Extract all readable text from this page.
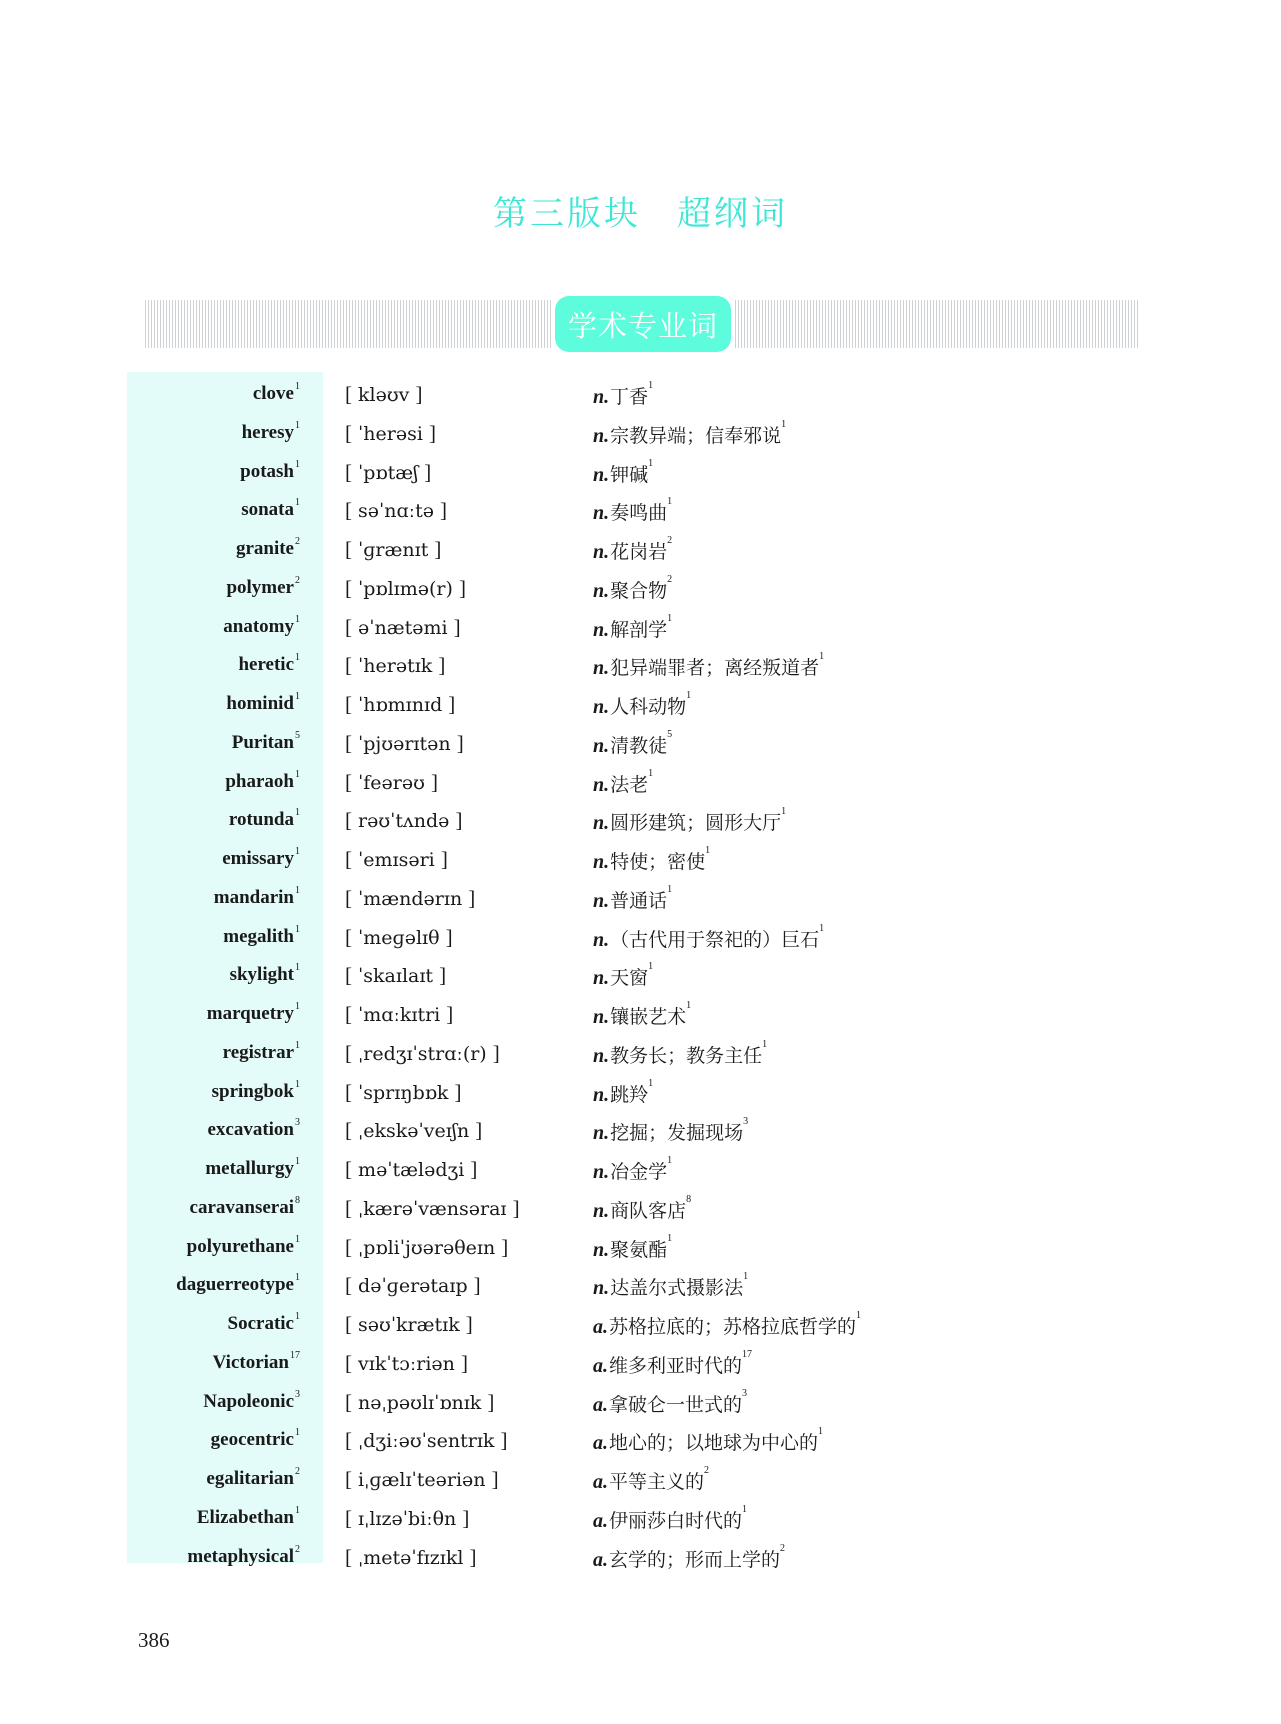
第三版块 超纲词
学术专业词
clove$^1$ [ klǝʊv ]	n.丁香$^1$
heresy$^1$ [ ˈherǝsi ]	n.宗教异端；信奉邪说$^1$
potash$^1$ [ ˈpɒtæʃ ]	n.钾碱$^1$
sonata$^1$ [ sǝˈnɑːtǝ ]	n.奏鸣曲$^1$
granite$^2$ [ ˈɡrænɪt ]	n.花岗岩$^2$
polymer$^2$ [ ˈpɒlɪmǝ(r) ]	n.聚合物$^2$
anatomy$^1$ [ ǝˈnætǝmi ]	n.解剖学$^1$
heretic$^1$ [ ˈherǝtɪk ]	n.犯异端罪者；离经叛道者$^1$
hominid$^1$ [ ˈhɒmɪnɪd ]	n.人科动物$^1$
Puritan$^5$ [ ˈpjʊǝrɪtǝn ]	n.清教徒$^5$
pharaoh$^1$ [ ˈfeǝrǝʊ ]	n.法老$^1$
rotunda$^1$ [ rǝʊˈtʌndǝ ]	n.圆形建筑；圆形大厅$^1$
emissary$^1$ [ ˈemɪsǝri ]	n.特使；密使$^1$
mandarin$^1$ [ ˈmændǝrɪn ]	n.普通话$^1$
megalith$^1$ [ ˈmeɡǝlɪθ ]	n.（古代用于祭祀的）巨石$^1$
skylight$^1$ [ ˈskaɪlaɪt ]	n.天窗$^1$
marquetry$^1$ [ ˈmɑːkɪtri ]	n.镶嵌艺术$^1$
registrar$^1$ [ ˌredʒɪˈstrɑː(r) ]	n.教务长；教务主任$^1$
springbok$^1$ [ ˈsprɪŋbɒk ]	n.跳羚$^1$
excavation$^3$ [ ˌekskǝˈveɪʃn ]	n.挖掘；发掘现场$^3$
metallurgy$^1$ [ mǝˈtælǝdʒi ]	n.冶金学$^1$
caravanserai$^8$ [ ˌkærǝˈvænsǝraɪ ]	n.商队客店$^8$
polyurethane$^1$ [ ˌpɒliˈjʊǝrǝθeɪn ]	n.聚氨酯$^1$
daguerreotype$^1$ [ dǝˈɡerǝtaɪp ]	n.达盖尔式摄影法$^1$
Socratic$^1$ [ sǝʊˈkrætɪk ]	a.苏格拉底的；苏格拉底哲学的$^1$
Victorian$^{17}$ [ vɪkˈtɔːriǝn ]	a.维多利亚时代的$^{17}$
Napoleonic$^3$ [ nǝˌpǝʊlɪˈɒnɪk ]	a.拿破仑一世式的$^3$
geocentric$^1$ [ ˌdʒiːǝʊˈsentrɪk ]	a.地心的；以地球为中心的$^1$
egalitarian$^2$ [ iˌɡælɪˈteǝriǝn ]	a.平等主义的$^2$
Elizabethan$^1$ [ ɪˌlɪzǝˈbiːθn ]	a.伊丽莎白时代的$^1$
metaphysical$^2$ [ ˌmetǝˈfɪzɪkl ]	a.玄学的；形而上学的$^2$
386
